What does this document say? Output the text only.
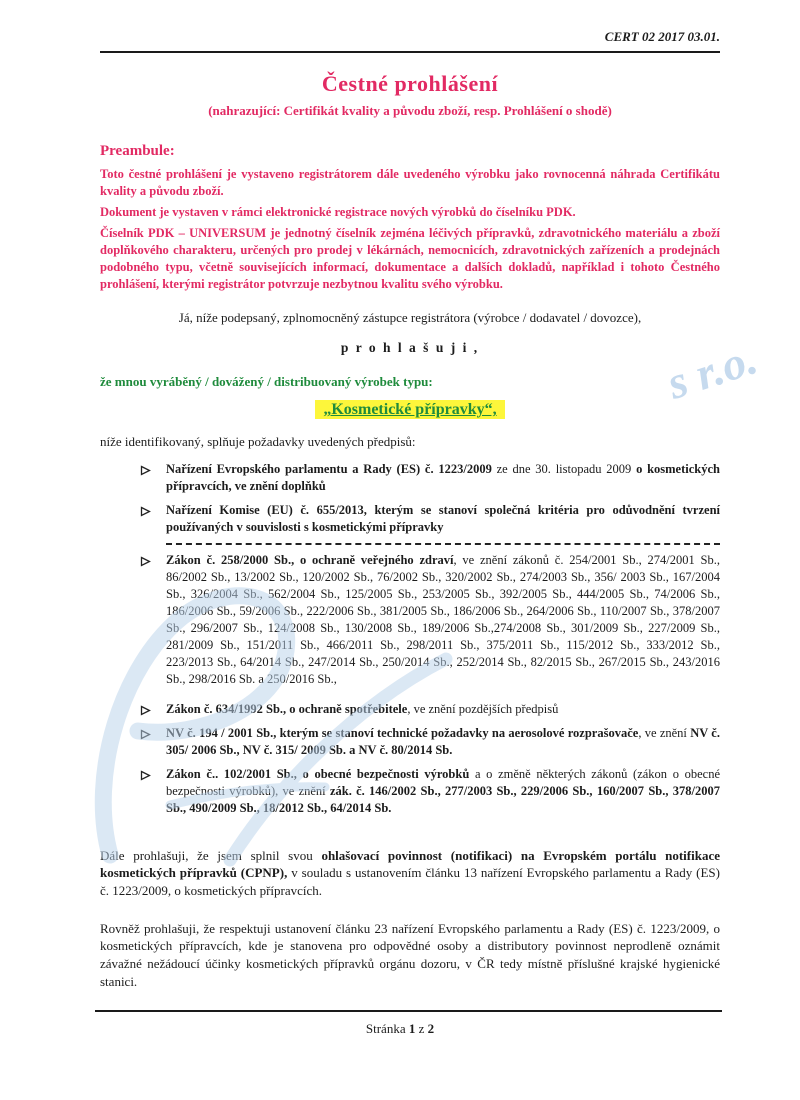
s r.o.
CERT 02 2017 03.01.
Čestné prohlášení
(nahrazující: Certifikát kvality a původu zboží, resp. Prohlášení o shodě)
Preambule:

Toto čestné prohlášení je vystaveno registrátorem dále uvedeného výrobku jako rovnocenná náhrada Certifikátu kvality a původu zboží.

Dokument je vystaven v rámci elektronické registrace nových výrobků do číselníku PDK.

Číselník PDK – UNIVERSUM je jednotný číselník zejména léčivých přípravků, zdravotnického materiálu a zboží doplňkového charakteru, určených pro prodej v lékárnách, nemocnicích, zdravotnických zařízeních a prodejnách podobného typu, včetně souvisejících informací, dokumentace a dalších dokladů, například i tohoto Čestného prohlášení, kterými registrátor potvrzuje nezbytnou kvalitu svého výrobku.

Já, níže podepsaný, zplnomocněný zástupce registrátora (výrobce / dodavatel / dovozce),

p r o h l a š u j i ,

že mnou vyráběný / dovážený / distribuovaný výrobek typu:

„Kosmetické přípravky“,

níže identifikovaný, splňuje požadavky uvedených předpisů:

Nařízení Evropského parlamentu a Rady (ES) č. 1223/2009 ze dne 30. listopadu 2009 o kosmetických přípravcích, ve znění doplňků
Nařízení Komise (EU) č. 655/2013, kterým se stanoví společná kritéria pro odůvodnění tvrzení používaných v souvislosti s kosmetickými přípravky
Zákon č. 258/2000 Sb., o ochraně veřejného zdraví, ve znění zákonů č. 254/2001 Sb., 274/2001 Sb., 86/2002 Sb., 13/2002 Sb., 120/2002 Sb., 76/2002 Sb., 320/2002 Sb., 274/2003 Sb., 356/ 2003 Sb., 167/2004 Sb., 326/2004 Sb., 562/2004 Sb., 125/2005 Sb., 253/2005 Sb., 392/2005 Sb., 444/2005 Sb., 74/2006 Sb., 186/2006 Sb., 59/2006 Sb., 222/2006 Sb., 381/2005 Sb., 186/2006 Sb., 264/2006 Sb., 110/2007 Sb., 378/2007 Sb., 296/2007 Sb., 124/2008 Sb., 130/2008 Sb., 189/2006 Sb.,274/2008 Sb., 301/2009 Sb., 227/2009 Sb., 281/2009 Sb., 151/2011 Sb., 466/2011 Sb., 298/2011 Sb., 375/2011 Sb., 115/2012 Sb., 333/2012 Sb., 223/2013 Sb., 64/2014 Sb., 247/2014 Sb., 250/2014 Sb., 252/2014 Sb., 82/2015 Sb., 267/2015 Sb., 243/2016 Sb., 298/2016 Sb. a 250/2016 Sb.,
Zákon č. 634/1992 Sb., o ochraně spotřebitele, ve znění pozdějších předpisů
NV č. 194 / 2001 Sb., kterým se stanoví technické požadavky na aerosolové rozprašovače, ve znění NV č. 305/ 2006 Sb., NV č. 315/ 2009 Sb. a NV č. 80/2014 Sb.
Zákon č.. 102/2001 Sb., o obecné bezpečnosti výrobků a o změně některých zákonů (zákon o obecné bezpečnosti výrobků), ve znění zák. č. 146/2002 Sb., 277/2003 Sb., 229/2006 Sb., 160/2007 Sb., 378/2007 Sb., 490/2009 Sb., 18/2012 Sb., 64/2014 Sb.

Dále prohlašuji, že jsem splnil svou ohlašovací povinnost (notifikaci) na Evropském portálu notifikace kosmetických přípravků (CPNP), v souladu s ustanovením článku 13 nařízení Evropského parlamentu a Rady (ES) č. 1223/2009, o kosmetických přípravcích.

Rovněž prohlašuji, že respektuji ustanovení článku 23 nařízení Evropského parlamentu a Rady (ES) č. 1223/2009, o kosmetických přípravcích, kde je stanovena pro odpovědné osoby a distributory povinnost neprodleně oznámit závažné nežádoucí účinky kosmetických přípravků orgánu dozoru, v ČR tedy místně příslušné krajské hygienické stanici.

Stránka 1 z 2
